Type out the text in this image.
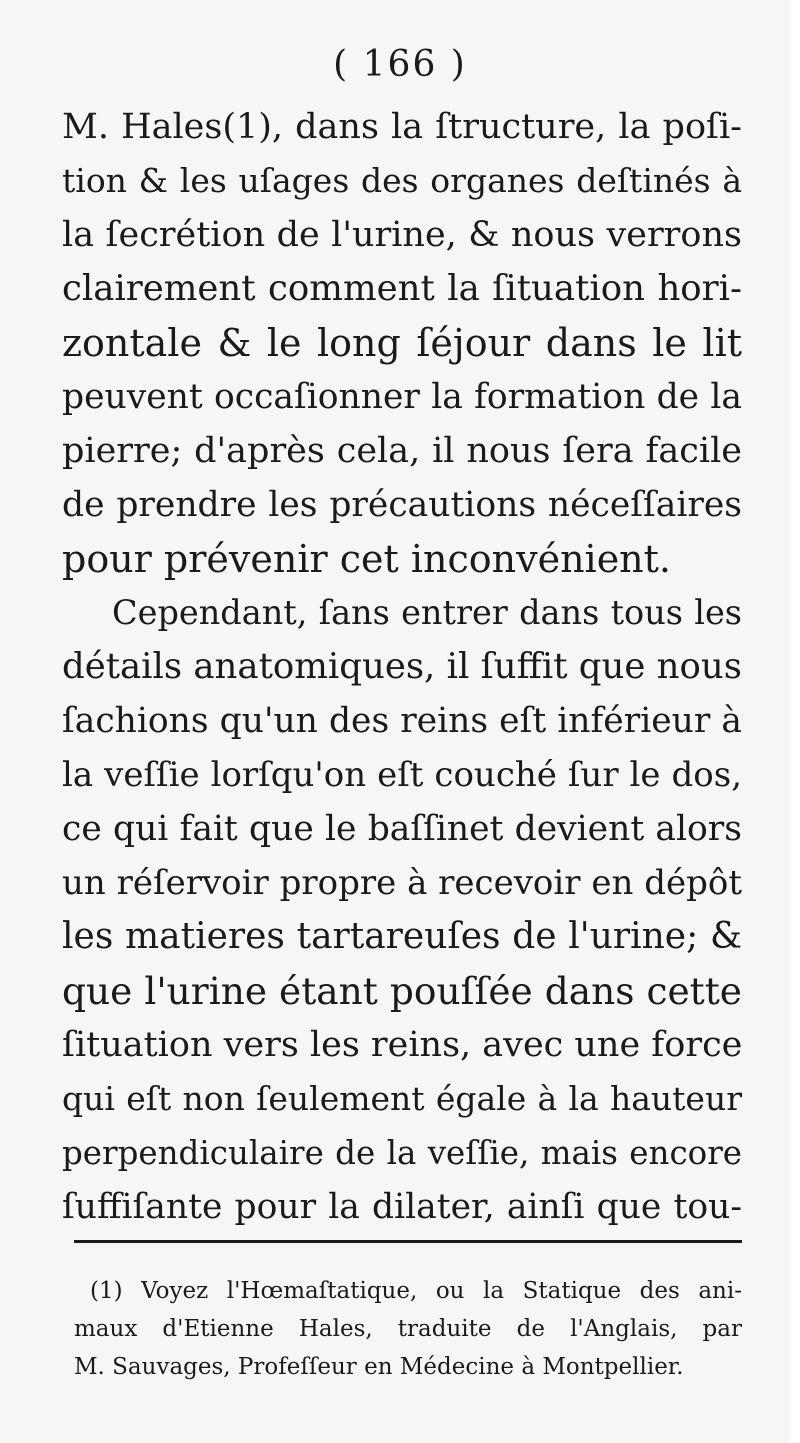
( 166 )
M. Hales(1), dans la ſtructure, la poſi-
tion & les uſages des organes deſtinés à
la ſecrétion de l'urine, & nous verrons
clairement comment la ſituation hori-
zontale & le long ſéjour dans le lit
peuvent occaſionner la formation de la
pierre; d'après cela, il nous ſera facile
de prendre les précautions néceſſaires
pour prévenir cet inconvénient.
Cependant, ſans entrer dans tous les
détails anatomiques, il ſuffit que nous
ſachions qu'un des reins eſt inférieur à
la veſſie lorſqu'on eſt couché ſur le dos,
ce qui fait que le baſſinet devient alors
un réſervoir propre à recevoir en dépôt
les matieres tartareuſes de l'urine; &
que l'urine étant pouſſée dans cette
ſituation vers les reins, avec une force
qui eſt non ſeulement égale à la hauteur
perpendiculaire de la veſſie, mais encore
ſuffiſante pour la dilater, ainſi que tou-
(1) Voyez l'Hœmaſtatique, ou la Statique des ani-
maux d'Etienne Hales, traduite de l'Anglais, par
M. Sauvages, Profeſſeur en Médecine à Montpellier.
